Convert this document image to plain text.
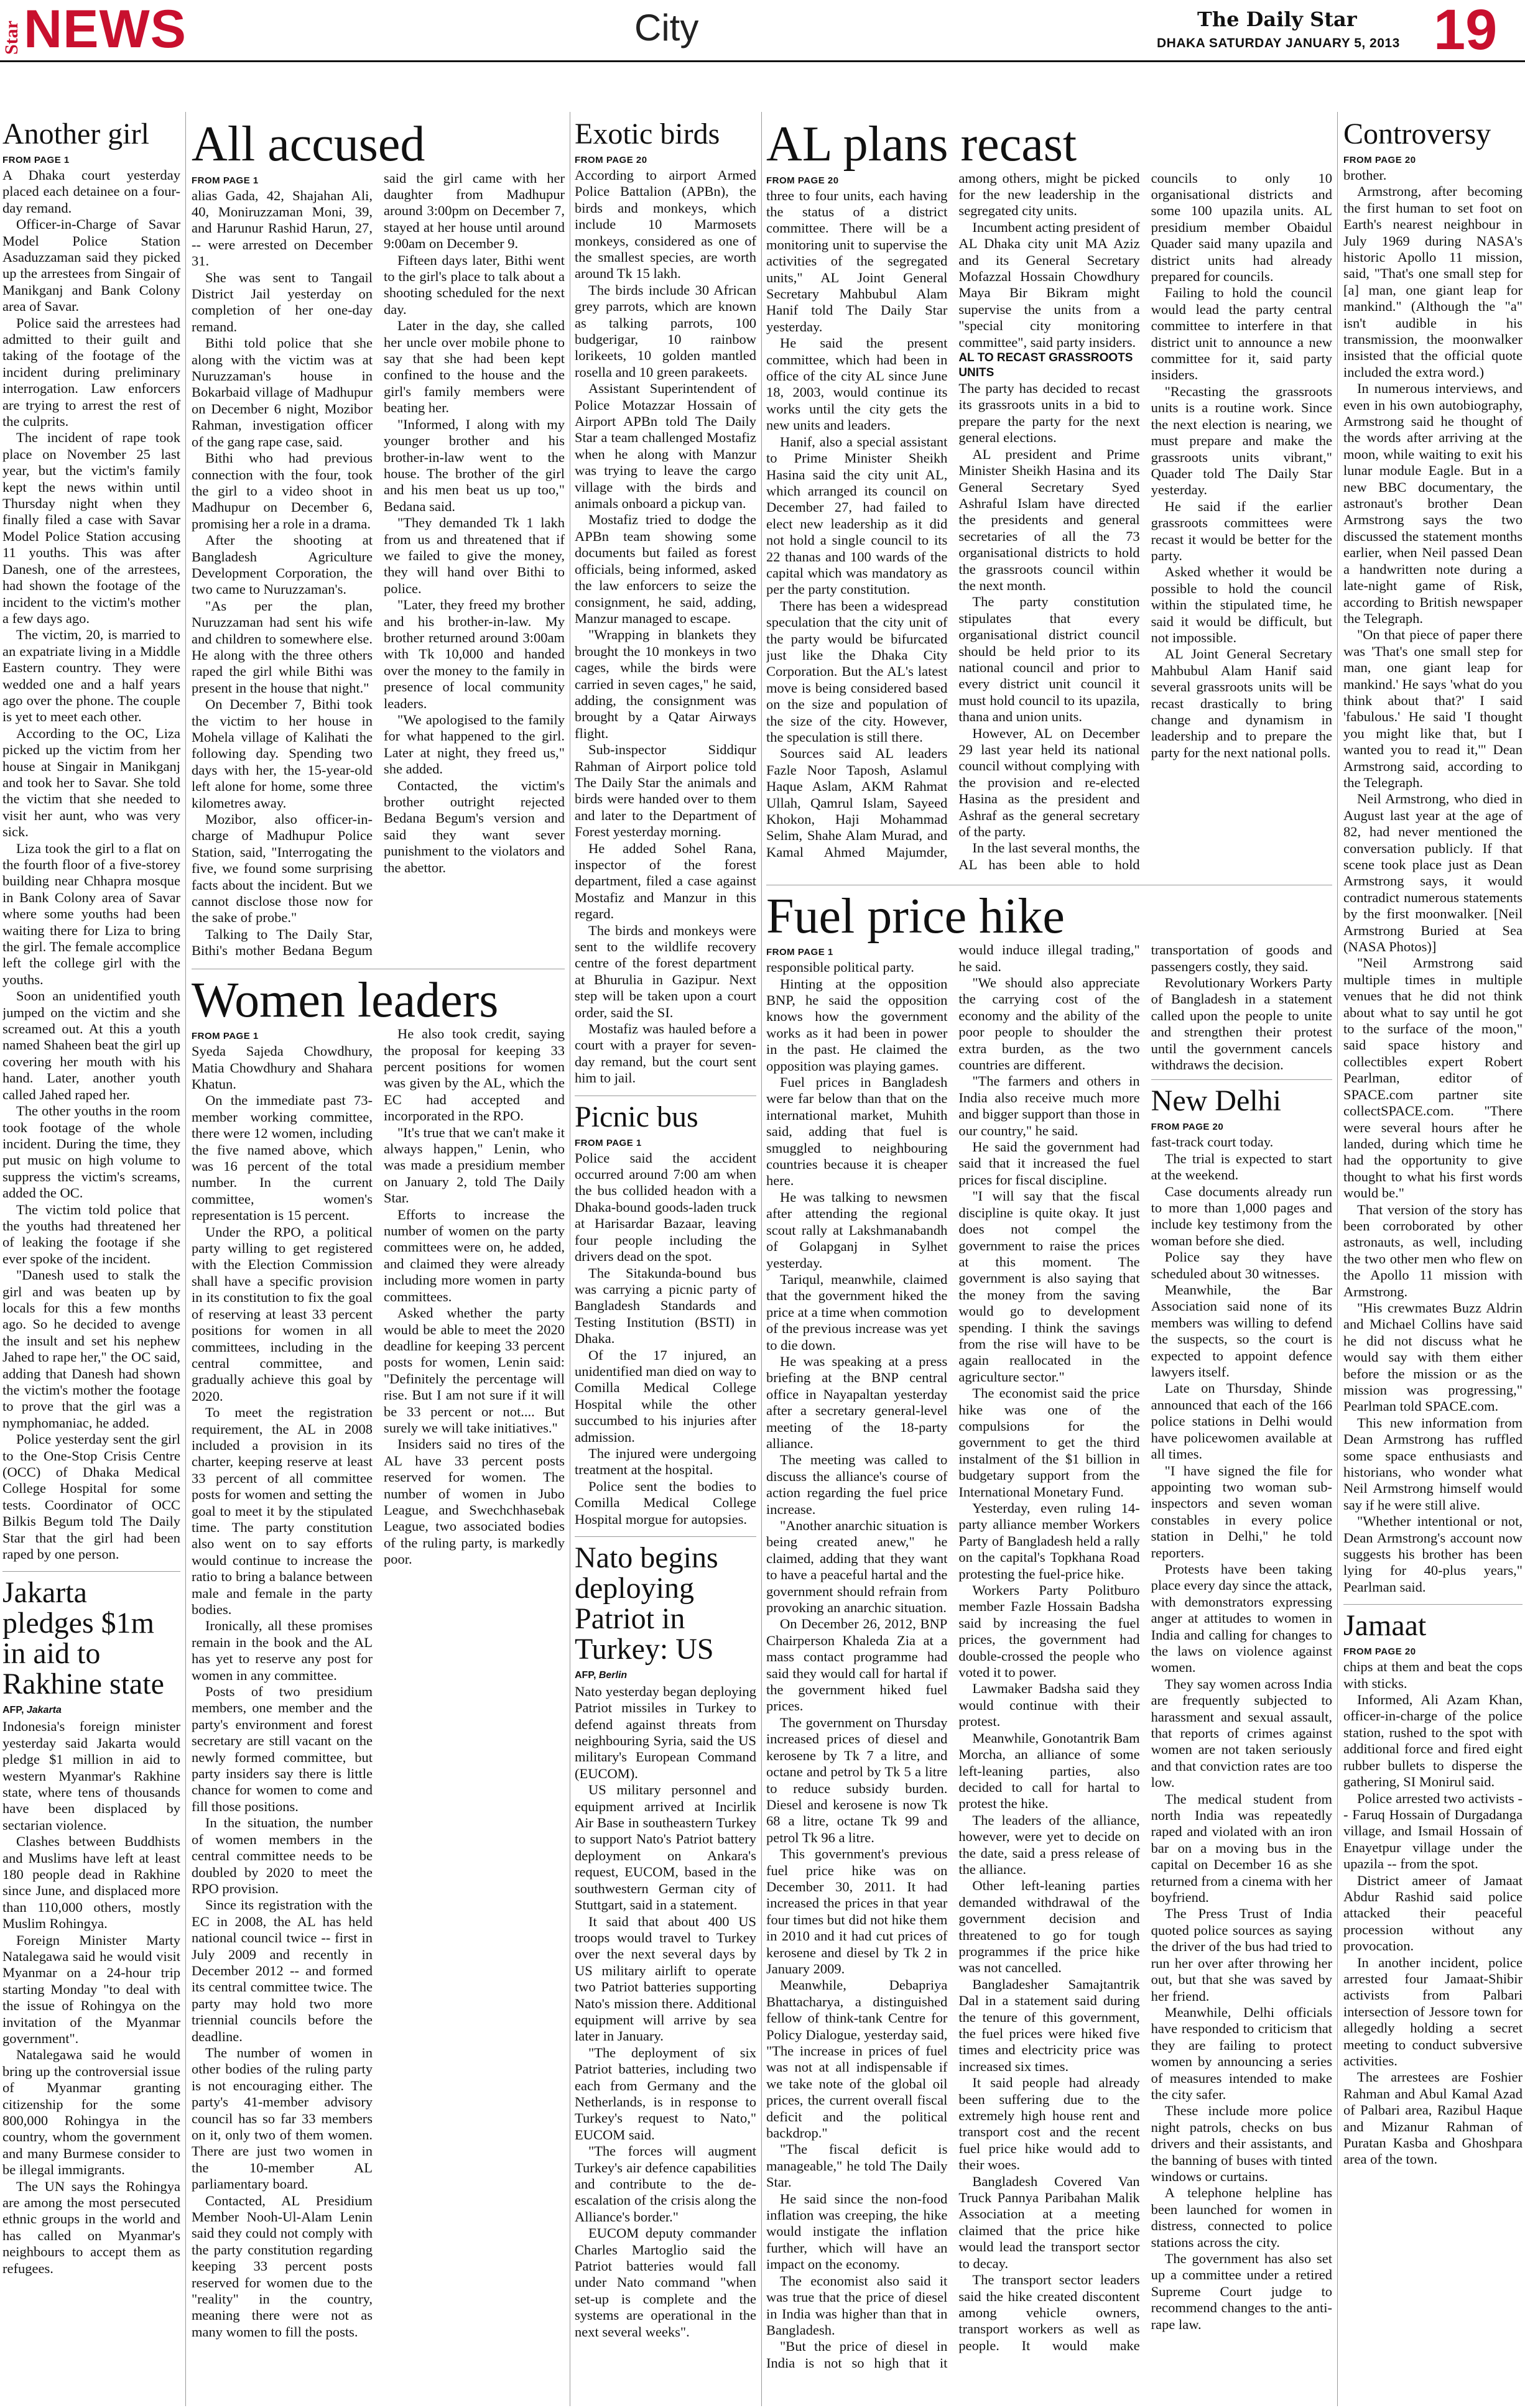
Star NEWS	City	The Daily Star
DHAKA SATURDAY JANUARY 5, 2013 19
Another girl
FROM PAGE 1

A Dhaka court yesterday placed each detainee on a four-day remand.

Officer-in-Charge of Savar Model Police Station Asaduzzaman said they picked up the arrestees from Singair of Manikganj and Bank Colony area of Savar.

Police said the arrestees had admitted to their guilt and taking of the footage of the incident during preliminary interrogation. Law enforcers are trying to arrest the rest of the culprits.

The incident of rape took place on November 25 last year, but the victim's family kept the news within until Thursday night when they finally filed a case with Savar Model Police Station accusing 11 youths. This was after Danesh, one of the arrestees, had shown the footage of the incident to the victim's mother a few days ago.

The victim, 20, is married to an expatriate living in a Middle Eastern country. They were wedded one and a half years ago over the phone. The couple is yet to meet each other.

According to the OC, Liza picked up the victim from her house at Singair in Manikganj and took her to Savar. She told the victim that she needed to visit her aunt, who was very sick.

Liza took the girl to a flat on the fourth floor of a five-storey building near Chhapra mosque in Bank Colony area of Savar where some youths had been waiting there for Liza to bring the girl. The female accomplice left the college girl with the youths.

Soon an unidentified youth jumped on the victim and she screamed out. At this a youth named Shaheen beat the girl up covering her mouth with his hand. Later, another youth called Jahed raped her.

The other youths in the room took footage of the whole incident. During the time, they put music on high volume to suppress the victim's screams, added the OC.

The victim told police that the youths had threatened her of leaking the footage if she ever spoke of the incident.

"Danesh used to stalk the girl and was beaten up by locals for this a few months ago. So he decided to avenge the insult and set his nephew Jahed to rape her," the OC said, adding that Danesh had shown the victim's mother the footage to prove that the girl was a nymphomaniac, he added.

Police yesterday sent the girl to the One-Stop Crisis Centre (OCC) of Dhaka Medical College Hospital for some tests. Coordinator of OCC Bilkis Begum told The Daily Star that the girl had been raped by one person.

Jakarta pledges $1m in aid to Rakhine state
AFP, Jakarta

Indonesia's foreign minister yesterday said Jakarta would pledge $1 million in aid to western Myanmar's Rakhine state, where tens of thousands have been displaced by sectarian violence.

Clashes between Buddhists and Muslims have left at least 180 people dead in Rakhine since June, and displaced more than 110,000 others, mostly Muslim Rohingya.

Foreign Minister Marty Natalegawa said he would visit Myanmar on a 24-hour trip starting Monday "to deal with the issue of Rohingya on the invitation of the Myanmar government".

Natalegawa said he would bring up the controversial issue of Myanmar granting citizenship for the some 800,000 Rohingya in the country, whom the government and many Burmese consider to be illegal immigrants.

The UN says the Rohingya are among the most persecuted ethnic groups in the world and has called on Myanmar's neighbours to accept them as refugees.

All accused
FROM PAGE 1

alias Gada, 42, Shajahan Ali, 40, Moniruzzaman Moni, 39, and Harunur Rashid Harun, 27, -- were arrested on December 31.

She was sent to Tangail District Jail yesterday on completion of her one-day remand.

Bithi told police that she along with the victim was at Nuruzzaman's house in Bokarbaid village of Madhupur on December 6 night, Mozibor Rahman, investigation officer of the gang rape case, said.

Bithi who had previous connection with the four, took the girl to a video shoot in Madhupur on December 6, promising her a role in a drama.

After the shooting at Bangladesh Agriculture Development Corporation, the two came to Nuruzzaman's.

"As per the plan, Nuruzzaman had sent his wife and children to somewhere else. He along with the three others raped the girl while Bithi was present in the house that night."

On December 7, Bithi took the victim to her house in Mohela village of Kalihati the following day. Spending two days with her, the 15-year-old left alone for home, some three kilometres away.

Mozibor, also officer-in-charge of Madhupur Police Station, said, "Interrogating the five, we found some surprising facts about the incident. But we cannot disclose those now for the sake of probe."

Talking to The Daily Star, Bithi's mother Bedana Begum said the girl came with her daughter from Madhupur around 3:00pm on December 7, stayed at her house until around 9:00am on December 9.

Fifteen days later, Bithi went to the girl's place to talk about a shooting scheduled for the next day.

Later in the day, she called her uncle over mobile phone to say that she had been kept confined to the house and the girl's family members were beating her.

"Informed, I along with my younger brother and his brother-in-law went to the house. The brother of the girl and his men beat us up too," Bedana said.

"They demanded Tk 1 lakh from us and threatened that if we failed to give the money, they will hand over Bithi to police.

"Later, they freed my brother and his brother-in-law. My brother returned around 3:00am with Tk 10,000 and handed over the money to the family in presence of local community leaders.

"We apologised to the family for what happened to the girl. Later at night, they freed us," she added.

Contacted, the victim's brother outright rejected Bedana Begum's version and said they want sever punishment to the violators and the abettor.

Women leaders
FROM PAGE 1

Syeda Sajeda Chowdhury, Matia Chowdhury and Shahara Khatun.

On the immediate past 73-member working committee, there were 12 women, including the five named above, which was 16 percent of the total number. In the current committee, women's representation is 15 percent.

Under the RPO, a political party willing to get registered with the Election Commission shall have a specific provision in its constitution to fix the goal of reserving at least 33 percent positions for women in all committees, including in the central committee, and gradually achieve this goal by 2020.

To meet the registration requirement, the AL in 2008 included a provision in its charter, keeping reserve at least 33 percent of all committee posts for women and setting the goal to meet it by the stipulated time. The party constitution also went on to say efforts would continue to increase the ratio to bring a balance between male and female in the party bodies.

Ironically, all these promises remain in the book and the AL has yet to reserve any post for women in any committee.

Posts of two presidium members, one member and the party's environment and forest secretary are still vacant on the newly formed committee, but party insiders say there is little chance for women to come and fill those positions.

In the situation, the number of women members in the central committee needs to be doubled by 2020 to meet the RPO provision.

Since its registration with the EC in 2008, the AL has held national council twice -- first in July 2009 and recently in December 2012 -- and formed its central committee twice. The party may hold two more triennial councils before the deadline.

The number of women in other bodies of the ruling party is not encouraging either. The party's 41-member advisory council has so far 33 members on it, only two of them women. There are just two women in the 10-member AL parliamentary board.

Contacted, AL Presidium Member Nooh-Ul-Alam Lenin said they could not comply with the party constitution regarding keeping 33 percent posts reserved for women due to the "reality" in the country, meaning there were not as many women to fill the posts.

He also took credit, saying the proposal for keeping 33 percent positions for women was given by the AL, which the EC had accepted and incorporated in the RPO.

"It's true that we can't make it always happen," Lenin, who was made a presidium member on January 2, told The Daily Star.

Efforts to increase the number of women on the party committees were on, he added, and claimed they were already including more women in party committees.

Asked whether the party would be able to meet the 2020 deadline for keeping 33 percent posts for women, Lenin said: "Definitely the percentage will rise. But I am not sure if it will be 33 percent or not.... But surely we will take initiatives."

Insiders said no tires of the AL have 33 percent posts reserved for women. The number of women in Jubo League, and Swechchhasebak League, two associated bodies of the ruling party, is markedly poor.

Exotic birds
FROM PAGE 20

According to airport Armed Police Battalion (APBn), the birds and monkeys, which include 10 Marmosets monkeys, considered as one of the smallest species, are worth around Tk 15 lakh.

The birds include 30 African grey parrots, which are known as talking parrots, 100 budgerigar, 10 rainbow lorikeets, 10 golden mantled rosella and 10 green parakeets.

Assistant Superintendent of Police Motazzar Hossain of Airport APBn told The Daily Star a team challenged Mostafiz when he along with Manzur was trying to leave the cargo village with the birds and animals onboard a pickup van.

Mostafiz tried to dodge the APBn team showing some documents but failed as forest officials, being informed, asked the law enforcers to seize the consignment, he said, adding, Manzur managed to escape.

"Wrapping in blankets they brought the 10 monkeys in two cages, while the birds were carried in seven cages," he said, adding, the consignment was brought by a Qatar Airways flight.

Sub-inspector Siddiqur Rahman of Airport police told The Daily Star the animals and birds were handed over to them and later to the Department of Forest yesterday morning.

He added Sohel Rana, inspector of the forest department, filed a case against Mostafiz and Manzur in this regard.

The birds and monkeys were sent to the wildlife recovery centre of the forest department at Bhurulia in Gazipur. Next step will be taken upon a court order, said the SI.

Mostafiz was hauled before a court with a prayer for seven-day remand, but the court sent him to jail.

Picnic bus
FROM PAGE 1

Police said the accident occurred around 7:00 am when the bus collided headon with a Dhaka-bound goods-laden truck at Harisardar Bazaar, leaving four people including the drivers dead on the spot.

The Sitakunda-bound bus was carrying a picnic party of Bangladesh Standards and Testing Institution (BSTI) in Dhaka.

Of the 17 injured, an unidentified man died on way to Comilla Medical College Hospital while the other succumbed to his injuries after admission.

The injured were undergoing treatment at the hospital.

Police sent the bodies to Comilla Medical College Hospital morgue for autopsies.

Nato begins deploying Patriot in Turkey: US
AFP, Berlin

Nato yesterday began deploying Patriot missiles in Turkey to defend against threats from neighbouring Syria, said the US military's European Command (EUCOM).

US military personnel and equipment arrived at Incirlik Air Base in southeastern Turkey to support Nato's Patriot battery deployment on Ankara's request, EUCOM, based in the southwestern German city of Stuttgart, said in a statement.

It said that about 400 US troops would travel to Turkey over the next several days by US military airlift to operate two Patriot batteries supporting Nato's mission there. Additional equipment will arrive by sea later in January.

"The deployment of six Patriot batteries, including two each from Germany and the Netherlands, is in response to Turkey's request to Nato," EUCOM said.

"The forces will augment Turkey's air defence capabilities and contribute to the de-escalation of the crisis along the Alliance's border."

EUCOM deputy commander Charles Martoglio said the Patriot batteries would fall under Nato command "when set-up is complete and the systems are operational in the next several weeks".

AL plans recast
FROM PAGE 20

three to four units, each having the status of a district committee. There will be a monitoring unit to supervise the activities of the segregated units," AL Joint General Secretary Mahbubul Alam Hanif told The Daily Star yesterday.

He said the present committee, which had been in office of the city AL since June 18, 2003, would continue its works until the city gets the new units and leaders.

Hanif, also a special assistant to Prime Minister Sheikh Hasina said the city unit AL, which arranged its council on December 27, had failed to elect new leadership as it did not hold a single council to its 22 thanas and 100 wards of the capital which was mandatory as per the party constitution.

There has been a widespread speculation that the city unit of the party would be bifurcated just like the Dhaka City Corporation. But the AL's latest move is being considered based on the size and population of the size of the city. However, the speculation is still there.

Sources said AL leaders Fazle Noor Taposh, Aslamul Haque Aslam, AKM Rahmat Ullah, Qamrul Islam, Sayeed Khokon, Haji Mohammad Selim, Shahe Alam Murad, and Kamal Ahmed Majumder, among others, might be picked for the new leadership in the segregated city units.

Incumbent acting president of AL Dhaka city unit MA Aziz and its General Secretary Mofazzal Hossain Chowdhury Maya Bir Bikram might supervise the units from a "special city monitoring committee", said party insiders.

AL TO RECAST GRASSROOTS UNITS

The party has decided to recast its grassroots units in a bid to prepare the party for the next general elections.

AL president and Prime Minister Sheikh Hasina and its General Secretary Syed Ashraful Islam have directed the presidents and general secretaries of all the 73 organisational districts to hold the grassroots council within the next month.

The party constitution stipulates that every organisational district council should be held prior to its national council and prior to every district unit council it must hold council to its upazila, thana and union units.

However, AL on December 29 last year held its national council without complying with the provision and re-elected Hasina as the president and Ashraf as the general secretary of the party.

In the last several months, the AL has been able to hold councils to only 10 organisational districts and some 100 upazila units. AL presidium member Obaidul Quader said many upazila and district units had already prepared for councils.

Failing to hold the council would lead the party central committee to interfere in that district unit to announce a new committee for it, said party insiders.

"Recasting the grassroots units is a routine work. Since the next election is nearing, we must prepare and make the grassroots units vibrant," Quader told The Daily Star yesterday.

He said if the earlier grassroots committees were recast it would be better for the party.

Asked whether it would be possible to hold the council within the stipulated time, he said it would be difficult, but not impossible.

AL Joint General Secretary Mahbubul Alam Hanif said several grassroots units will be recast drastically to bring change and dynamism in leadership and to prepare the party for the next national polls.

Fuel price hike
FROM PAGE 1

responsible political party.

Hinting at the opposition BNP, he said the opposition knows how the government works as it had been in power in the past. He claimed the opposition was playing games.

Fuel prices in Bangladesh were far below than that on the international market, Muhith said, adding that fuel is smuggled to neighbouring countries because it is cheaper here.

He was talking to newsmen after attending the regional scout rally at Lakshmanabandh of Golapganj in Sylhet yesterday.

Tariqul, meanwhile, claimed that the government hiked the price at a time when commotion of the previous increase was yet to die down.

He was speaking at a press briefing at the BNP central office in Nayapaltan yesterday after a secretary general-level meeting of the 18-party alliance.

The meeting was called to discuss the alliance's course of action regarding the fuel price increase.

"Another anarchic situation is being created anew," he claimed, adding that they want to have a peaceful hartal and the government should refrain from provoking an anarchic situation.

On December 26, 2012, BNP Chairperson Khaleda Zia at a mass contact programme had said they would call for hartal if the government hiked fuel prices.

The government on Thursday increased prices of diesel and kerosene by Tk 7 a litre, and octane and petrol by Tk 5 a litre to reduce subsidy burden. Diesel and kerosene is now Tk 68 a litre, octane Tk 99 and petrol Tk 96 a litre.

This government's previous fuel price hike was on December 30, 2011. It had increased the prices in that year four times but did not hike them in 2010 and it had cut prices of kerosene and diesel by Tk 2 in January 2009.

Meanwhile, Debapriya Bhattacharya, a distinguished fellow of think-tank Centre for Policy Dialogue, yesterday said, "The increase in prices of fuel was not at all indispensable if we take note of the global oil prices, the current overall fiscal deficit and the political backdrop."

"The fiscal deficit is manageable," he told The Daily Star.

He said since the non-food inflation was creeping, the hike would instigate the inflation further, which will have an impact on the economy.

The economist also said it was true that the price of diesel in India was higher than that in Bangladesh.

"But the price of diesel in India is not so high that it would induce illegal trading," he said.

"We should also appreciate the carrying cost of the economy and the ability of the poor people to shoulder the extra burden, as the two countries are different.

"The farmers and others in India also receive much more and bigger support than those in our country," he said.

He said the government had said that it increased the fuel prices for fiscal discipline.

"I will say that the fiscal discipline is quite okay. It just does not compel the government to raise the prices at this moment. The government is also saying that the money from the saving would go to development spending. I think the savings from the rise will have to be again reallocated in the agriculture sector."

The economist said the price hike was one of the compulsions for the government to get the third instalment of the $1 billion in budgetary support from the International Monetary Fund.

Yesterday, even ruling 14-party alliance member Workers Party of Bangladesh held a rally on the capital's Topkhana Road protesting the fuel-price hike.

Workers Party Politburo member Fazle Hossain Badsha said by increasing the fuel prices, the government had double-crossed the people who voted it to power.

Lawmaker Badsha said they would continue with their protest.

Meanwhile, Gonotantrik Bam Morcha, an alliance of some left-leaning parties, also decided to call for hartal to protest the hike.

The leaders of the alliance, however, were yet to decide on the date, said a press release of the alliance.

Other left-leaning parties demanded withdrawal of the government decision and threatened to go for tough programmes if the price hike was not cancelled.

Bangladesher Samajtantrik Dal in a statement said during the tenure of this government, the fuel prices were hiked five times and electricity price was increased six times.

It said people had already been suffering due to the extremely high house rent and transport cost and the recent fuel price hike would add to their woes.

Bangladesh Covered Van Truck Pannya Paribahan Malik Association at a meeting claimed that the price hike would lead the transport sector to decay.

The transport sector leaders said the hike created discontent among vehicle owners, transport workers as well as people. It would make transportation of goods and passengers costly, they said.

Revolutionary Workers Party of Bangladesh in a statement called upon the people to unite and strengthen their protest until the government cancels withdraws the decision.

New Delhi
FROM PAGE 20

fast-track court today.

The trial is expected to start at the weekend.

Case documents already run to more than 1,000 pages and include key testimony from the woman before she died.

Police say they have scheduled about 30 witnesses.

Meanwhile, the Bar Association said none of its members was willing to defend the suspects, so the court is expected to appoint defence lawyers itself.

Late on Thursday, Shinde announced that each of the 166 police stations in Delhi would have policewomen available at all times.

"I have signed the file for appointing two woman sub-inspectors and seven woman constables in every police station in Delhi," he told reporters.

Protests have been taking place every day since the attack, with demonstrators expressing anger at attitudes to women in India and calling for changes to the laws on violence against women.

They say women across India are frequently subjected to harassment and sexual assault, that reports of crimes against women are not taken seriously and that conviction rates are too low.

The medical student from north India was repeatedly raped and violated with an iron bar on a moving bus in the capital on December 16 as she returned from a cinema with her boyfriend.

The Press Trust of India quoted police sources as saying the driver of the bus had tried to run her over after throwing her out, but that she was saved by her friend.

Meanwhile, Delhi officials have responded to criticism that they are failing to protect women by announcing a series of measures intended to make the city safer.

These include more police night patrols, checks on bus drivers and their assistants, and the banning of buses with tinted windows or curtains.

A telephone helpline has been launched for women in distress, connected to police stations across the city.

The government has also set up a committee under a retired Supreme Court judge to recommend changes to the anti-rape law.

Controversy
FROM PAGE 20

brother.

Armstrong, after becoming the first human to set foot on Earth's nearest neighbour in July 1969 during NASA's historic Apollo 11 mission, said, "That's one small step for [a] man, one giant leap for mankind." (Although the "a" isn't audible in his transmission, the moonwalker insisted that the official quote included the extra word.)

In numerous interviews, and even in his own autobiography, Armstrong said he thought of the words after arriving at the moon, while waiting to exit his lunar module Eagle. But in a new BBC documentary, the astronaut's brother Dean Armstrong says the two discussed the statement months earlier, when Neil passed Dean a handwritten note during a late-night game of Risk, according to British newspaper the Telegraph.

"On that piece of paper there was 'That's one small step for man, one giant leap for mankind.' He says 'what do you think about that?' I said 'fabulous.' He said 'I thought you might like that, but I wanted you to read it,'" Dean Armstrong said, according to the Telegraph.

Neil Armstrong, who died in August last year at the age of 82, had never mentioned the conversation publicly. If that scene took place just as Dean Armstrong says, it would contradict numerous statements by the first moonwalker. [Neil Armstrong Buried at Sea (NASA Photos)]

"Neil Armstrong said multiple times in multiple venues that he did not think about what to say until he got to the surface of the moon," said space history and collectibles expert Robert Pearlman, editor of SPACE.com partner site collectSPACE.com. "There were several hours after he landed, during which time he had the opportunity to give thought to what his first words would be."

That version of the story has been corroborated by other astronauts, as well, including the two other men who flew on the Apollo 11 mission with Armstrong.

"His crewmates Buzz Aldrin and Michael Collins have said he did not discuss what he would say with them either before the mission or as the mission was progressing," Pearlman told SPACE.com.

This new information from Dean Armstrong has ruffled some space enthusiasts and historians, who wonder what Neil Armstrong himself would say if he were still alive.

"Whether intentional or not, Dean Armstrong's account now suggests his brother has been lying for 40-plus years," Pearlman said.

Jamaat
FROM PAGE 20

chips at them and beat the cops with sticks.

Informed, Ali Azam Khan, officer-in-charge of the police station, rushed to the spot with additional force and fired eight rubber bullets to disperse the gathering, SI Monirul said.

Police arrested two activists -- Faruq Hossain of Durgadanga village, and Ismail Hossain of Enayetpur village under the upazila -- from the spot.

District ameer of Jamaat Abdur Rashid said police attacked their peaceful procession without any provocation.

In another incident, police arrested four Jamaat-Shibir activists from Palbari intersection of Jessore town for allegedly holding a secret meeting to conduct subversive activities.

The arrestees are Foshier Rahman and Abul Kamal Azad of Palbari area, Razibul Haque and Mizanur Rahman of Puratan Kasba and Ghoshpara area of the town.
